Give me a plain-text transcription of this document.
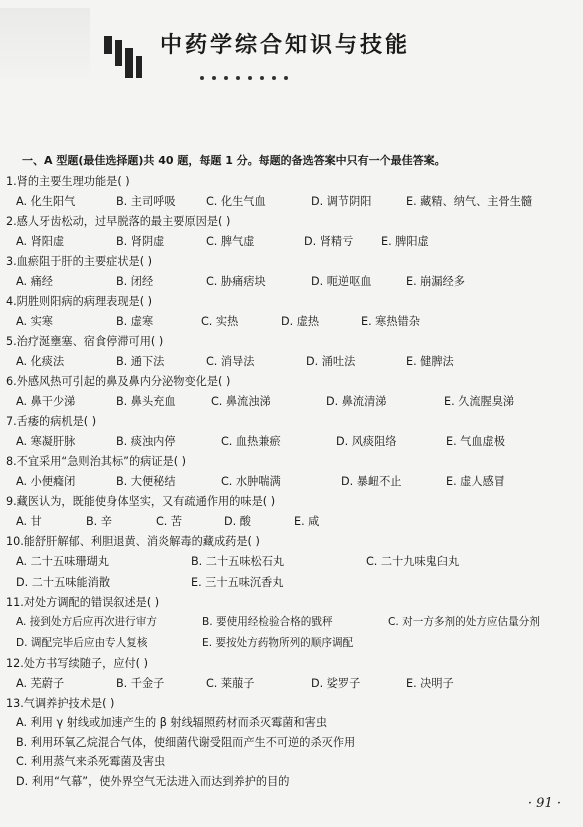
中药学综合知识与技能
一、A 型题(最佳选择题)共 40 题，每题 1 分。每题的备选答案中只有一个最佳答案。
1.肾的主要生理功能是( )
A. 化生阳气	B. 主司呼吸	C. 化生气血	D. 调节阴阳	E. 藏精、纳气、主骨生髓
2.感人牙齿松动，过早脱落的最主要原因是( )
A. 肾阳虚	B. 肾阴虚	C. 脾气虚	D. 肾精亏 E. 脾阳虚
3.血瘀阻于肝的主要症状是( )
A. 痛经	B. 闭经	C. 胁痛痞块	D. 呃逆呕血	E. 崩漏经多
4.阴胜则阳病的病理表现是( )
A. 实寒	B. 虚寒	C. 实热	D. 虚热	E. 寒热错杂
5.治疗涎壅塞、宿食停滞可用( )
A. 化痰法	B. 通下法	C. 消导法	D. 涌吐法	E. 健脾法
6.外感风热可引起的鼻及鼻内分泌物变化是( )
A. 鼻干少涕	B. 鼻头充血	C. 鼻流浊涕	D. 鼻流清涕	E. 久流腥臭涕
7.舌痿的病机是( )
A. 寒凝肝脉	B. 痰浊内停	C. 血热兼瘀	D. 风痰阻络	E. 气血虚极
8.不宜采用“急则治其标”的病证是( )
A. 小便癃闭	B. 大便秘结	C. 水肿喘满	D. 暴衄不止	E. 虚人感冒
9.藏医认为，既能使身体坚实，又有疏通作用的味是( )
A. 甘	B. 辛	C. 苦	D. 酸	E. 咸
10.能舒肝解郁、利胆退黄、消炎解毒的藏成药是( )
A. 二十五味珊瑚丸	B. 二十五味松石丸	C. 二十九味鬼臼丸
D. 二十五味能消散	E. 三十五味沉香丸
11.对处方调配的错误叙述是( )
A. 接到处方后应再次进行审方	B. 要使用经检验合格的戥秤	C. 对一方多剂的处方应估量分剂
D. 调配完毕后应由专人复核	E. 要按处方药物所列的顺序调配
12.处方书写续随子，应付( )
A. 芜蔚子	B. 千金子	C. 莱菔子	D. 娑罗子	E. 决明子
13.气调养护技术是( )
A. 利用 γ 射线或加速产生的 β 射线辐照药材而杀灭霉菌和害虫
B. 利用环氧乙烷混合气体，使细菌代谢受阻而产生不可逆的杀灭作用
C. 利用蒸气来杀死霉菌及害虫
D. 利用“气幕”，使外界空气无法进入而达到养护的目的
· 91 ·
